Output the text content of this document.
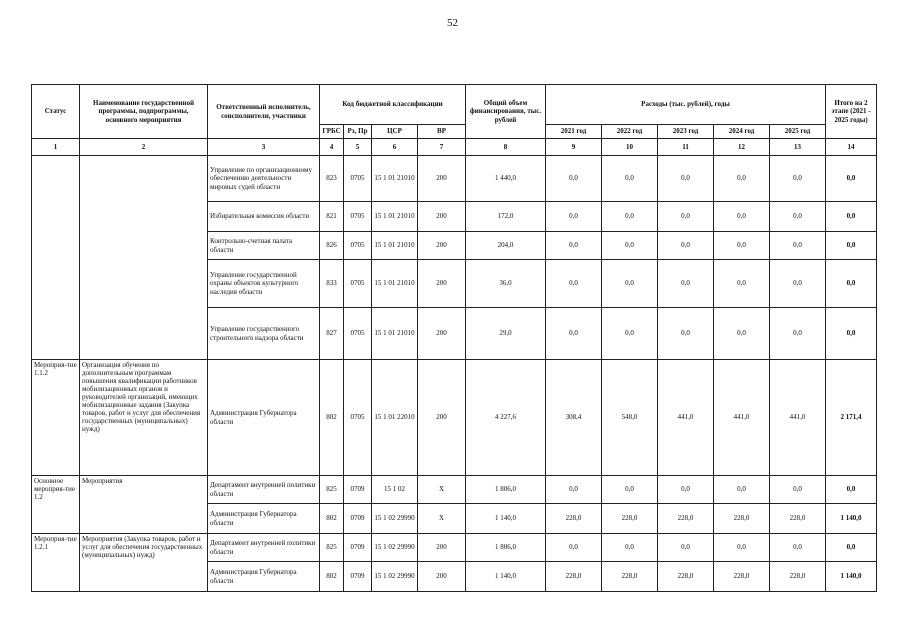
52
Статус	Наименование государственной программы, подпрограммы, основного мероприятия	Ответственный исполнитель, соисполнители, участники	Код бюджетной классификации				Общий объем финансирования, тыс. рублей	Расходы (тыс. рублей), годы					Итого на 2 этапе (2021 - 2025 годы)
			ГРБС	Рз, Пр	ЦСР	ВР		2021 год	2022 год	2023 год	2024 год	2025 год	
1	2	3	4	5	6	7	8	9	10	11	12	13	14
		Управление по организационному обеспечению деятельности мировых судей области	823	0705	15 1 01 21010	200	1 440,0	0,0	0,0	0,0	0,0	0,0	0,0
		Избирательная комиссия области	821	0705	15 1 01 21010	200	172,0	0,0	0,0	0,0	0,0	0,0	0,0
		Контрольно-счетная палата области	826	0705	15 1 01 21010	200	204,0	0,0	0,0	0,0	0,0	0,0	0,0
		Управление государственной охраны объектов культурного наследия области	833	0705	15 1 01 21010	200	36,0	0,0	0,0	0,0	0,0	0,0	0,0
		Управление государственного строительного надзора области	827	0705	15 1 01 21010	200	29,0	0,0	0,0	0,0	0,0	0,0	0,0
Мероприя-тие 1.1.2	Организация обучения по дополнительным программам повышения квалификации работников мобилизационных органов и руководителей организаций, имеющих мобилизационные задания (Закупка товаров, работ и услуг для обеспечения государственных (муниципальных) нужд)	Администрация Губернатора области	802	0705	15 1 01 22010	200	4 227,6	308,4	548,0	441,0	441,0	441,0	2 171,4
Основное мероприя-тие 1.2	Мероприятия	Департамент внутренней политики области	825	0709	15 1 02	Х	1 806,0	0,0	0,0	0,0	0,0	0,0	0,0
		Администрация Губернатора области	802	0709	15 1 02 29990	Х	1 140,0	228,0	228,0	228,0	228,0	228,0	1 140,0
Мероприя-тие 1.2.1	Мероприятия (Закупка товаров, работ и услуг для обеспечения государственных (муниципальных) нужд)	Департамент внутренней политики области	825	0709	15 1 02 29990	200	1 806,0	0,0	0,0	0,0	0,0	0,0	0,0
		Администрация Губернатора области	802	0709	15 1 02 29990	200	1 140,0	228,0	228,0	228,0	228,0	228,0	1 140,0
